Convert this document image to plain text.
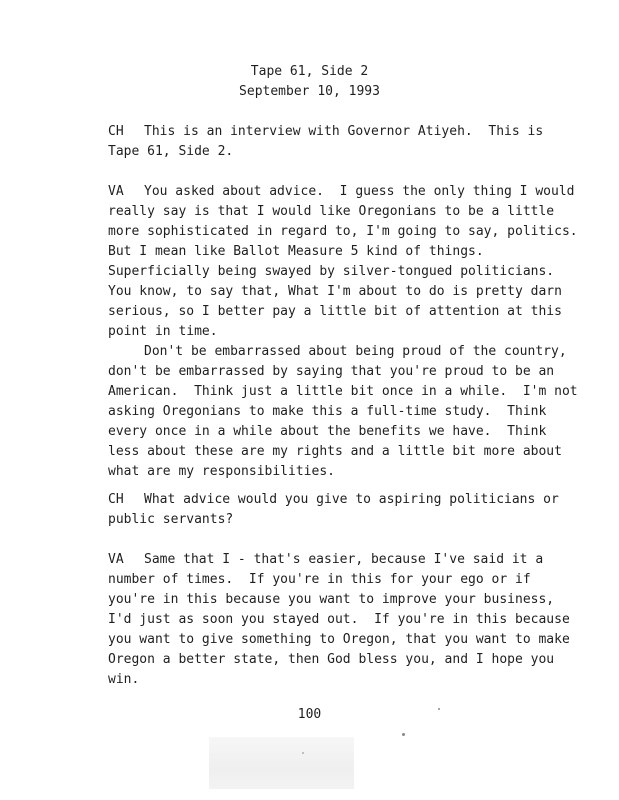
Tape 61, Side 2
September 10, 1993
CH This is an interview with Governor Atiyeh.  This is
Tape 61, Side 2.
VA You asked about advice.  I guess the only thing I would
really say is that I would like Oregonians to be a little
more sophisticated in regard to, I'm going to say, politics.
But I mean like Ballot Measure 5 kind of things.
Superficially being swayed by silver-tongued politicians.
You know, to say that, What I'm about to do is pretty darn
serious, so I better pay a little bit of attention at this
point in time.
Don't be embarrassed about being proud of the country,
don't be embarrassed by saying that you're proud to be an
American.  Think just a little bit once in a while.  I'm not
asking Oregonians to make this a full-time study.  Think
every once in a while about the benefits we have.  Think
less about these are my rights and a little bit more about
what are my responsibilities.
CH What advice would you give to aspiring politicians or
public servants?
VA Same that I - that's easier, because I've said it a
number of times.  If you're in this for your ego or if
you're in this because you want to improve your business,
I'd just as soon you stayed out.  If you're in this because
you want to give something to Oregon, that you want to make
Oregon a better state, then God bless you, and I hope you
win.
100
